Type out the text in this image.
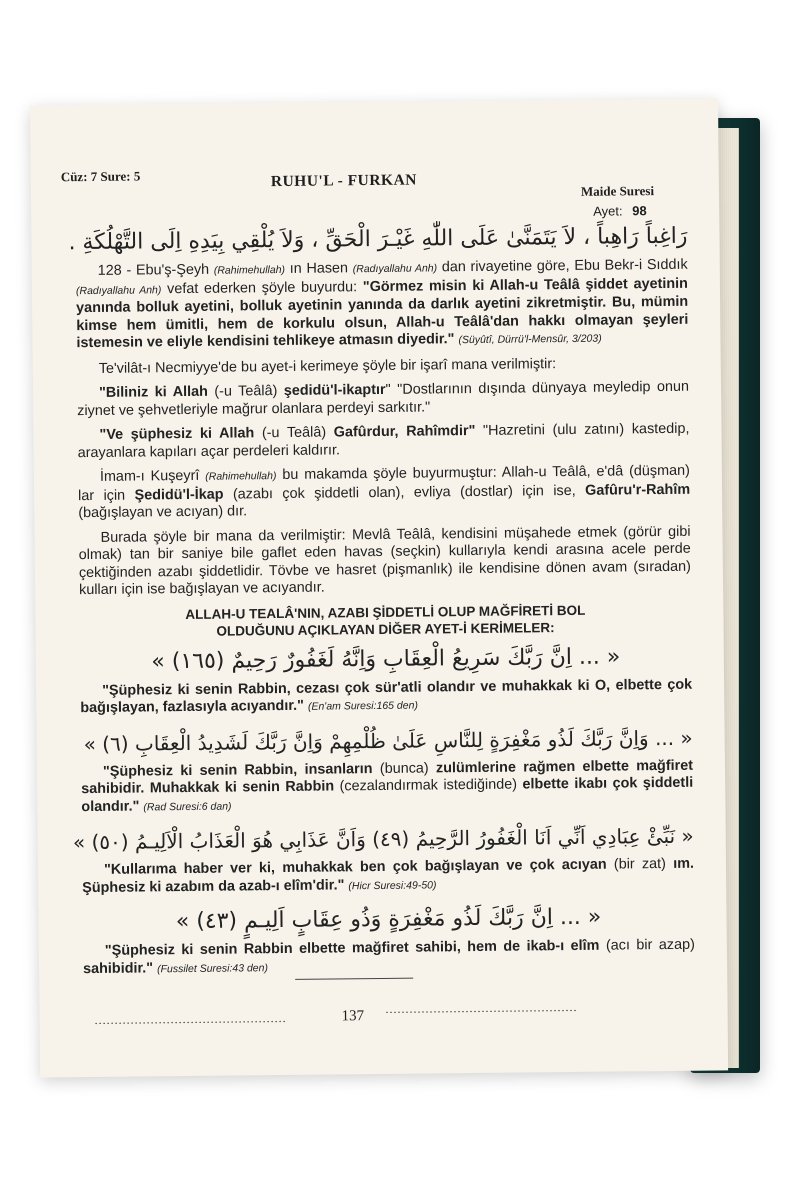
Cüz: 7 Sure: 5	RUHU'L - FURKAN
Maide Suresi
Ayet: 98
رَاغِباً رَاهِباً ، لاَ يَتَمَنَّىٰ عَلَى اللّٰهِ غَيْـرَ الْحَقِّ ، وَلاَ يُلْقِي بِيَدِهِ اِلَى التَّهْلُكَةِ .

128 - Ebu'ş-Şeyh (Rahimehullah) ın Hasen (Radıyallahu Anh) dan rivayetine göre, Ebu Bekr-i Sıddık (Radıyallahu Anh) vefat ederken şöyle buyurdu: "Görmez misin ki Allah-u Teâlâ şiddet ayetinin yanında bolluk ayetini, bolluk ayetinin yanında da darlık ayetini zikretmiştir. Bu, mümin kimse hem ümitli, hem de korkulu olsun, Allah-u Teâlâ'dan hakkı olmayan şeyleri istemesin ve eliyle kendisini tehlikeye atmasın diyedir." (Süyûtî, Dürrü'l-Mensûr, 3/203)

Te'vilât-ı Necmiyye'de bu ayet-i kerimeye şöyle bir işarî mana verilmiştir:

"Biliniz ki Allah (-u Teâlâ) şedidü'l-ikaptır" "Dostlarının dışında dünyaya meyledip onun ziynet ve şehvetleriyle mağrur olanlara perdeyi sarkıtır."

"Ve şüphesiz ki Allah (-u Teâlâ) Gafûrdur, Rahîmdir" "Hazretini (ulu zatını) kastedip, arayanlara kapıları açar perdeleri kaldırır.

İmam-ı Kuşeyrî (Rahimehullah) bu makamda şöyle buyurmuştur: Allah-u Teâlâ, e'dâ (düşman) lar için Şedidü'l-İkap (azabı çok şiddetli olan), evliya (dostlar) için ise, Gafûru'r-Rahîm (bağışlayan ve acıyan) dır.

Burada şöyle bir mana da verilmiştir: Mevlâ Teâlâ, kendisini müşahede etmek (görür gibi olmak) tan bir saniye bile gaflet eden havas (seçkin) kullarıyla kendi arasına acele perde çektiğinden azabı şiddetlidir. Tövbe ve hasret (pişmanlık) ile kendisine dönen avam (sıradan) kulları için ise bağışlayan ve acıyandır.

ALLAH-U TEALÂ'NIN, AZABI ŞİDDETLİ OLUP MAĞFİRETİ BOL
OLDUĞUNU AÇIKLAYAN DİĞER AYET-İ KERİMELER:
« ... اِنَّ رَبَّكَ سَرِيعُ الْعِقَابِ وَاِنَّهُ لَغَفُورٌ رَحِيمٌ (١٦٥) »

"Şüphesiz ki senin Rabbin, cezası çok sür'atli olandır ve muhakkak ki O, elbette çok bağışlayan, fazlasıyla acıyandır." (En'am Suresi:165 den)

« ... وَاِنَّ رَبَّكَ لَذُو مَغْفِرَةٍ لِلنَّاسِ عَلَىٰ ظُلْمِهِمْ وَاِنَّ رَبَّكَ لَشَدِيدُ الْعِقَابِ (٦) »

"Şüphesiz ki senin Rabbin, insanların (bunca) zulümlerine rağmen elbette mağfiret sahibidir. Muhakkak ki senin Rabbin (cezalandırmak istediğinde) elbette ikabı çok şiddetli olandır." (Rad Suresi:6 dan)

« نَبِّئْ عِبَادِي اَنِّي اَنَا الْغَفُورُ الرَّحِيمُ (٤٩) وَاَنَّ عَذَابِي هُوَ الْعَذَابُ الْاَلِيـمُ (٥٠) »

"Kullarıma haber ver ki, muhakkak ben çok bağışlayan ve çok acıyan (bir zat) ım. Şüphesiz ki azabım da azab-ı elîm'dir." (Hicr Suresi:49-50)

« ... اِنَّ رَبَّكَ لَذُو مَغْفِرَةٍ وَذُو عِقَابٍ اَلِيـمٍ (٤٣) »

"Şüphesiz ki senin Rabbin elbette mağfiret sahibi, hem de ikab-ı elîm (acı bir azap) sahibidir." (Fussilet Suresi:43 den)

................................................	137
................................................
